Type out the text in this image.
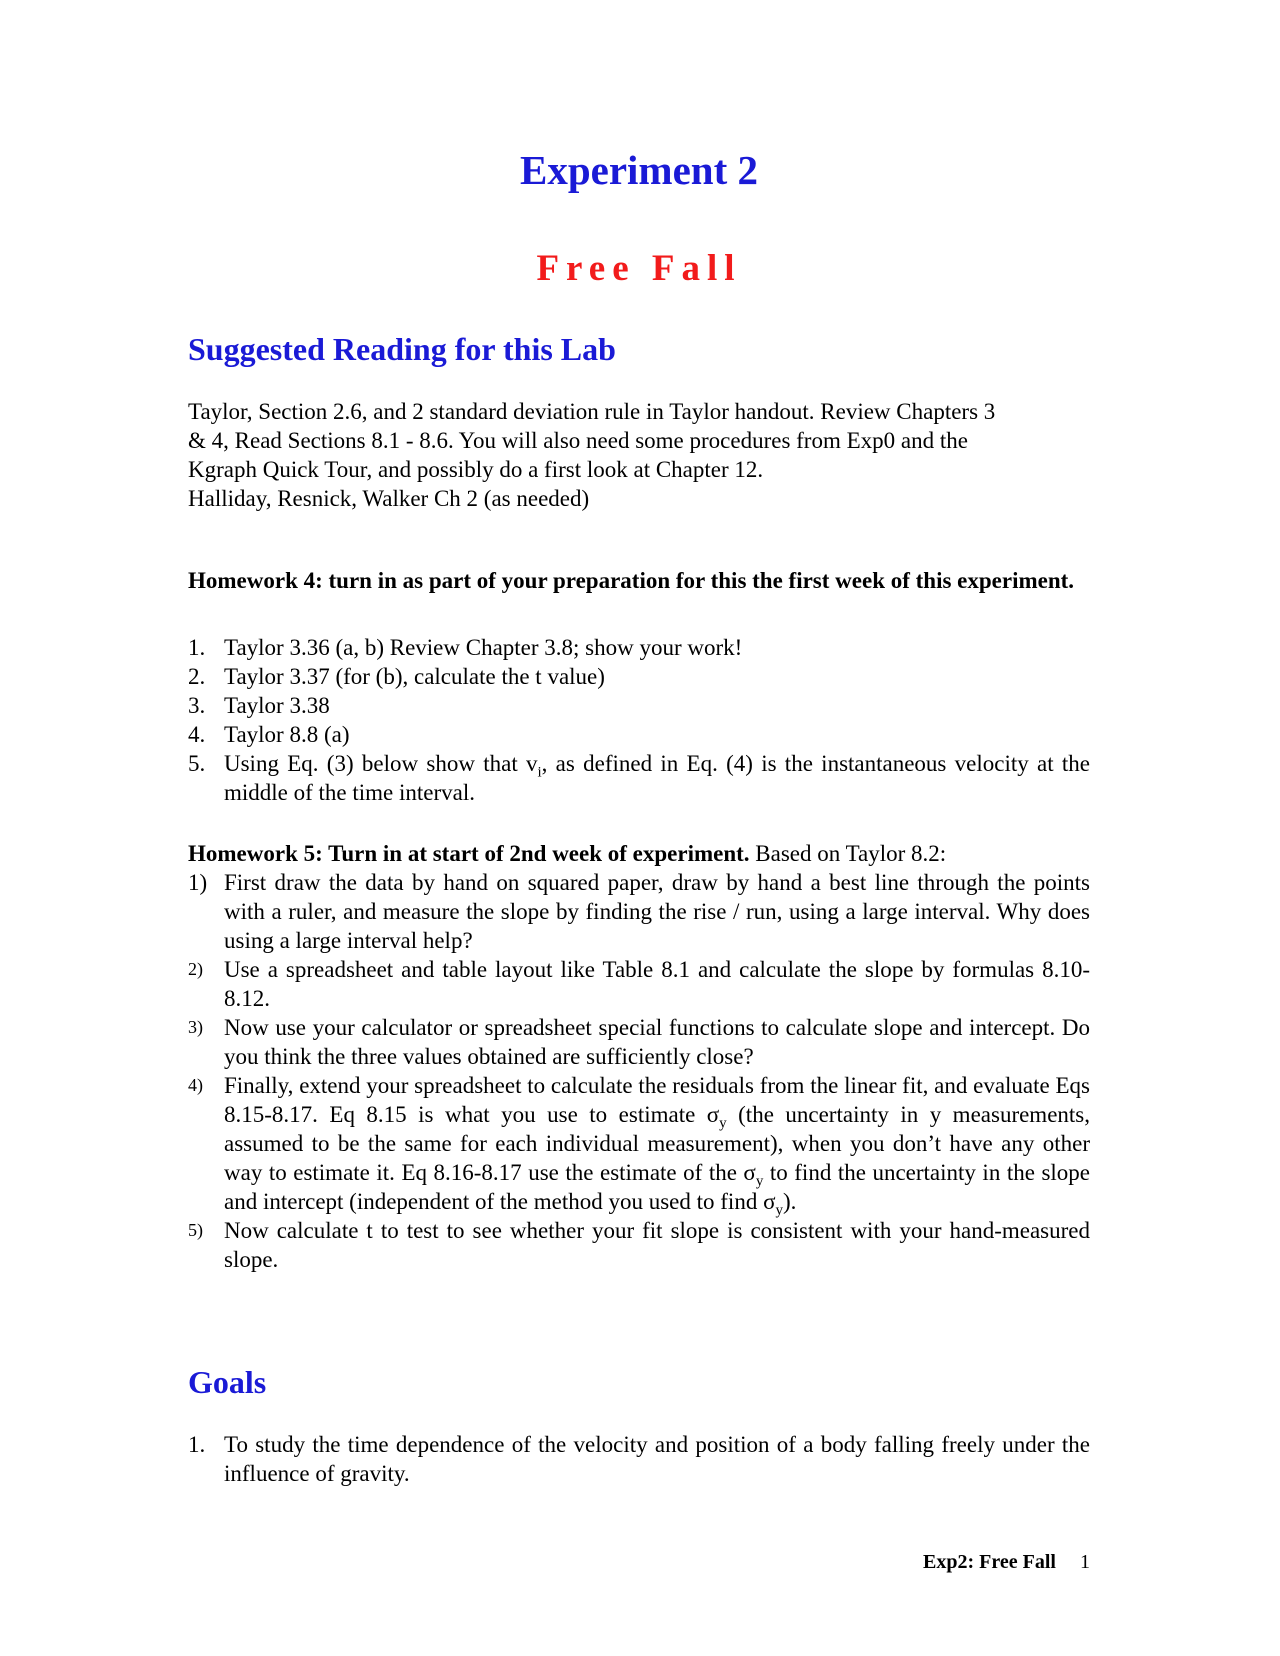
Experiment 2
Free Fall
Suggested Reading for this Lab

Taylor, Section 2.6, and 2 standard deviation rule in Taylor handout. Review Chapters 3
& 4, Read Sections 8.1 - 8.6. You will also need some procedures from Exp0 and the
Kgraph Quick Tour, and possibly do a first look at Chapter 12.
Halliday, Resnick, Walker Ch 2 (as needed)

Homework 4: turn in as part of your preparation for this the first week of this experiment.

1. Taylor 3.36 (a, b) Review Chapter 3.8; show your work!
2. Taylor 3.37 (for (b), calculate the t value)
3. Taylor 3.38
4. Taylor 8.8 (a)
5. Using Eq. (3) below show that $v_i$, as defined in Eq. (4) is the instantaneous velocity at the middle of the time interval.

Homework 5: Turn in at start of 2nd week of experiment. Based on Taylor 8.2:

1) First draw the data by hand on squared paper, draw by hand a best line through the points with a ruler, and measure the slope by finding the rise / run, using a large interval. Why does using a large interval help?
2) Use a spreadsheet and table layout like Table 8.1 and calculate the slope by formulas 8.10-8.12.
3) Now use your calculator or spreadsheet special functions to calculate slope and intercept. Do you think the three values obtained are sufficiently close?
4) Finally, extend your spreadsheet to calculate the residuals from the linear fit, and evaluate Eqs 8.15-8.17. Eq 8.15 is what you use to estimate $\sigma_y$ (the uncertainty in y measurements, assumed to be the same for each individual measurement), when you don’t have any other way to estimate it. Eq 8.16-8.17 use the estimate of the $\sigma_y$ to find the uncertainty in the slope and intercept (independent of the method you used to find $\sigma_y$).
5) Now calculate t to test to see whether your fit slope is consistent with your hand-measured slope.
Goals
1. To study the time dependence of the velocity and position of a body falling freely under the influence of gravity.
Exp2: Free Fall 1
